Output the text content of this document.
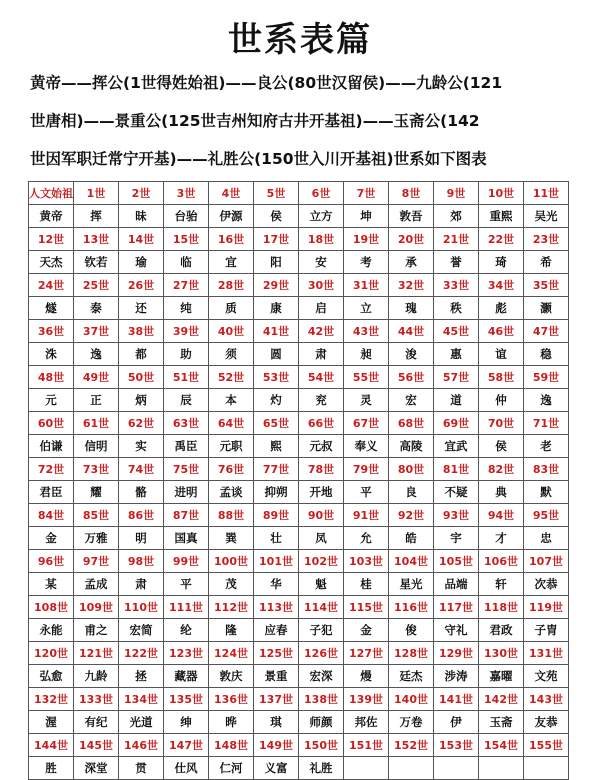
世系表篇
黄帝——挥公(1世得姓始祖)——良公(80世汉留侯)——九龄公(121
世唐相)——景重公(125世吉州知府古井开基祖)——玉斋公(142
世因军职迁常宁开基)——礼胜公(150世入川开基祖)世系如下图表
人文始祖	1世	2世	3世	4世	5世	6世	7世	8世	9世	10世	11世
黄帝	挥	昧	台骀	伊源	侯	立方	坤	敦吾	郊	重熙	吴光
12世	13世	14世	15世	16世	17世	18世	19世	20世	21世	22世	23世
天杰	钦若	瑜	临	宜	阳	安	考	承	誉	琦	希
24世	25世	26世	27世	28世	29世	30世	31世	32世	33世	34世	35世
燧	泰	还	纯	质	康	启	立	瑰	秩	彪	灏
36世	37世	38世	39世	40世	41世	42世	43世	44世	45世	46世	47世
洙	逸	都	助	须	圆	肃	昶	浚	惠	谊	稳
48世	49世	50世	51世	52世	53世	54世	55世	56世	57世	58世	59世
元	正	炳	辰	本	灼	兖	灵	宏	道	仲	逸
60世	61世	62世	63世	64世	65世	66世	67世	68世	69世	70世	71世
伯谦	信明	实	禹臣	元职	熙	元叔	奉义	高陵	宜武	侯	老
72世	73世	74世	75世	76世	77世	78世	79世	80世	81世	82世	83世
君臣	耀	骼	进明	孟谈	抑朔	开地	平	良	不疑	典	默
84世	85世	86世	87世	88世	89世	90世	91世	92世	93世	94世	95世
金	万雅	明	国真	巽	壮	凤	允	皓	宇	才	忠
96世	97世	98世	99世	100世	101世	102世	103世	104世	105世	106世	107世
某	孟成	肃	平	茂	华	魁	桂	星光	品端	轩	次恭
108世	109世	110世	111世	112世	113世	114世	115世	116世	117世	118世	119世
永能	甫之	宏简	纶	隆	应春	子犯	金	俊	守礼	君政	子胄
120世	121世	122世	123世	124世	125世	126世	127世	128世	129世	130世	131世
弘愈	九龄	拯	藏器	敦庆	景重	宏深	熳	廷杰	涉涛	嘉曜	文苑
132世	133世	134世	135世	136世	137世	138世	139世	140世	141世	142世	143世
渥	有纪	光道	绅	晔	琪	师颜	邦佐	万卷	伊	玉斋	友恭
144世	145世	146世	147世	148世	149世	150世	151世	152世	153世	154世	155世
胜	深堂	贯	仕风	仁河	义富	礼胜					
